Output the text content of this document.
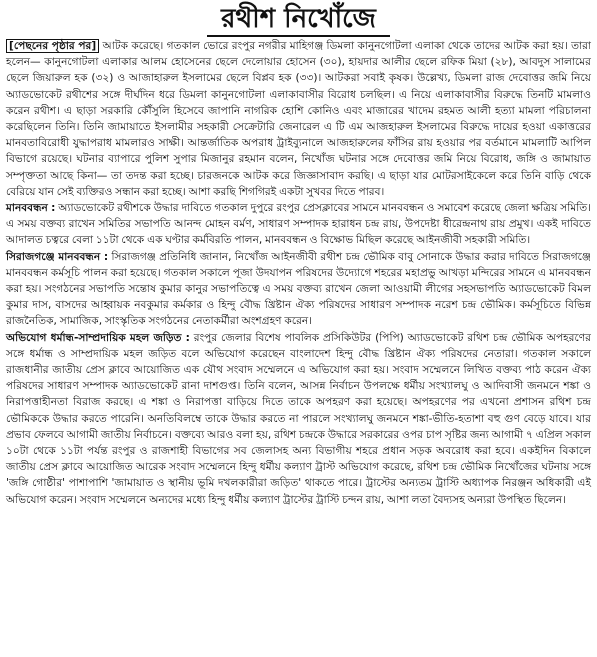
রথীশ নিখোঁজে

[পেছনের পৃষ্ঠার পর] আটক করেছে। গতকাল ভোরে রংপুর নগরীর মাহিগঞ্জ ডিমলা কানুনগোটলা এলাকা থেকে তাদের আটক করা হয়। তারা হলেন— কানুনগোটলা এলাকার আলম হোসেনের ছেলে দেলোয়ার হোসেন (৩০), হায়দার আলীর ছেলে রফিক মিয়া (২৮), আবদুস সালামের ছেলে জিয়ারুল হক (৩২) ও আজাহারুল ইসলামের ছেলে বিপ্লব হক (৩৩)। আটকরা সবাই কৃষক। উল্লেখ্য, ডিমলা রাজ দেবোত্তর জমি নিয়ে অ্যাডভোকেট রথীশের সঙ্গে দীর্ঘদিন ধরে ডিমলা কানুনগোটলা এলাকাবাসীর বিরোধ চলছিল। এ নিয়ে এলাকাবাসীর বিরুদ্ধে তিনটি মামলাও করেন রথীশ। এ ছাড়া সরকারি কৌঁসুলি হিসেবে জাপানি নাগরিক হোশি কোনিও এবং মাজারের খাদেম রহমত আলী হত্যা মামলা পরিচালনা করেছিলেন তিনি। তিনি জামায়াতে ইসলামীর সহকারী সেক্রেটারি জেনারেল এ টি এম আজহারুল ইসলামের বিরুদ্ধে দায়ের হওয়া একাত্তরের মানবতাবিরোধী যুদ্ধাপরাধ মামলারও সাক্ষী। আন্তর্জাতিক অপরাধ ট্রাইব্যুনালে আজহারুলের ফাঁসির রায় হওয়ার পর বর্তমানে মামলাটি আপিল বিভাগে রয়েছে। ঘটনার ব্যাপারে পুলিশ সুপার মিজানুর রহমান বলেন, নিখোঁজ ঘটনার সঙ্গে দেবোত্তর জমি নিয়ে বিরোধ, জঙ্গি ও জামায়াত সম্পৃক্ততা আছে কিনা— তা তদন্ত করা হচ্ছে। চারজনকে আটক করে জিজ্ঞাসাবাদ করছি। এ ছাড়া যার মোটরসাইকেলে করে তিনি বাড়ি থেকে বেরিয়ে যান সেই ব্যক্তিরও সন্ধান করা হচ্ছে। আশা করছি শিগগিরই একটা সুখবর দিতে পারব।

মানববন্ধন : অ্যাডভোকেট রথীশকে উদ্ধার দাবিতে গতকাল দুপুরে রংপুর প্রেসক্লাবের সামনে মানববন্ধন ও সমাবেশ করেছে জেলা ক্ষত্রিয় সমিতি। এ সময় বক্তব্য রাখেন সমিতির সভাপতি আনন্দ মোহন বর্মণ, সাধারণ সম্পাদক হারাধন চন্দ্র রায়, উপদেষ্টা ধীরেন্দ্রনাথ রায় প্রমুখ। একই দাবিতে আদালত চত্বরে বেলা ১১টা থেকে এক ঘণ্টার কর্মবিরতি পালন, মানববন্ধন ও বিক্ষোভ মিছিল করেছে আইনজীবী সহকারী সমিতি।

সিরাজগঞ্জে মানববন্ধন : সিরাজগঞ্জ প্রতিনিধি জানান, নিখোঁজ আইনজীবী রথীশ চন্দ্র ভৌমিক বাবু সোনাকে উদ্ধার করার দাবিতে সিরাজগঞ্জে মানববন্ধন কর্মসূচি পালন করা হয়েছে। গতকাল সকালে পূজা উদযাপন পরিষদের উদ্যোগে শহরের মহাপ্রভু আখড়া মন্দিরের সামনে এ মানববন্ধন করা হয়। সংগঠনের সভাপতি সন্তোষ কুমার কানুর সভাপতিত্বে এ সময় বক্তব্য রাখেন জেলা আওয়ামী লীগের সহসভাপতি অ্যাডভোকেট বিমল কুমার দাস, বাসদের আহ্বায়ক নবকুমার কর্মকার ও হিন্দু বৌদ্ধ খ্রিষ্টান ঐক্য পরিষদের সাধারণ সম্পাদক নরেশ চন্দ্র ভৌমিক। কর্মসূচিতে বিভিন্ন রাজনৈতিক, সামাজিক, সাংস্কৃতিক সংগঠনের নেতাকর্মীরা অংশগ্রহণ করেন।

অভিযোগ ধর্মান্ধ-সাম্প্রদায়িক মহল জড়িত : রংপুর জেলার বিশেষ পাবলিক প্রসিকিউটর (পিপি) অ্যাডভোকেট রথিশ চন্দ্র ভৌমিক অপহরণের সঙ্গে ধর্মান্ধ ও সাম্প্রদায়িক মহল জড়িত বলে অভিযোগ করেছেন বাংলাদেশ হিন্দু বৌদ্ধ খ্রিষ্টান ঐক্য পরিষদের নেতারা। গতকাল সকালে রাজধানীর জাতীয় প্রেস ক্লাবে আয়োজিত এক যৌথ সংবাদ সম্মেলনে এ অভিযোগ করা হয়। সংবাদ সম্মেলনে লিখিত বক্তব্য পাঠ করেন ঐক্য পরিষদের সাধারণ সম্পাদক অ্যাডভোকেট রানা দাশগুপ্ত। তিনি বলেন, আসন্ন নির্বাচন উপলক্ষে ধর্মীয় সংখ্যালঘু ও আদিবাসী জনমনে শঙ্কা ও নিরাপত্তাহীনতা বিরাজ করছে। এ শঙ্কা ও নিরাপত্তা বাড়িয়ে দিতে তাকে অপহরণ করা হয়েছে। অপহরণের পর এখনো প্রশাসন রথিশ চন্দ্র ভৌমিককে উদ্ধার করতে পারেনি। অনতিবিলম্বে তাকে উদ্ধার করতে না পারলে সংখ্যালঘু জনমনে শঙ্কা-ভীতি-হতাশা বহু গুণ বেড়ে যাবে। যার প্রভাব ফেলবে আগামী জাতীয় নির্বাচনে। বক্তব্যে আরও বলা হয়, রথিশ চন্দ্রকে উদ্ধারে সরকারের ওপর চাপ সৃষ্টির জন্য আগামী ৭ এপ্রিল সকাল ১০টা থেকে ১১টা পর্যন্ত রংপুর ও রাজশাহী বিভাগের সব জেলাসহ অন্য বিভাগীয় শহরে প্রধান সড়ক অবরোধ করা হবে। একইদিন বিকালে জাতীয় প্রেস ক্লাবে আয়োজিত আরেক সংবাদ সম্মেলনে হিন্দু ধর্মীয় কল্যাণ ট্রাস্ট অভিযোগ করেছে, রথিশ চন্দ্র ভৌমিক নিখোঁজের ঘটনায় সঙ্গে 'জঙ্গি গোষ্ঠীর' পাশাপাশি 'জামায়াত ও স্থানীয় ভূমি দখলকারীরা জড়িত' থাকতে পারে। ট্রাস্টের অন্যতম ট্রাস্টি অধ্যাপক নিরঞ্জন অধিকারী এই অভিযোগ করেন। সংবাদ সম্মেলনে অন্যদের মধ্যে হিন্দু ধর্মীয় কল্যাণ ট্রাস্টের ট্রাস্টি চন্দন রায়, আশা লতা বৈদ্যসহ অন্যরা উপস্থিত ছিলেন।
